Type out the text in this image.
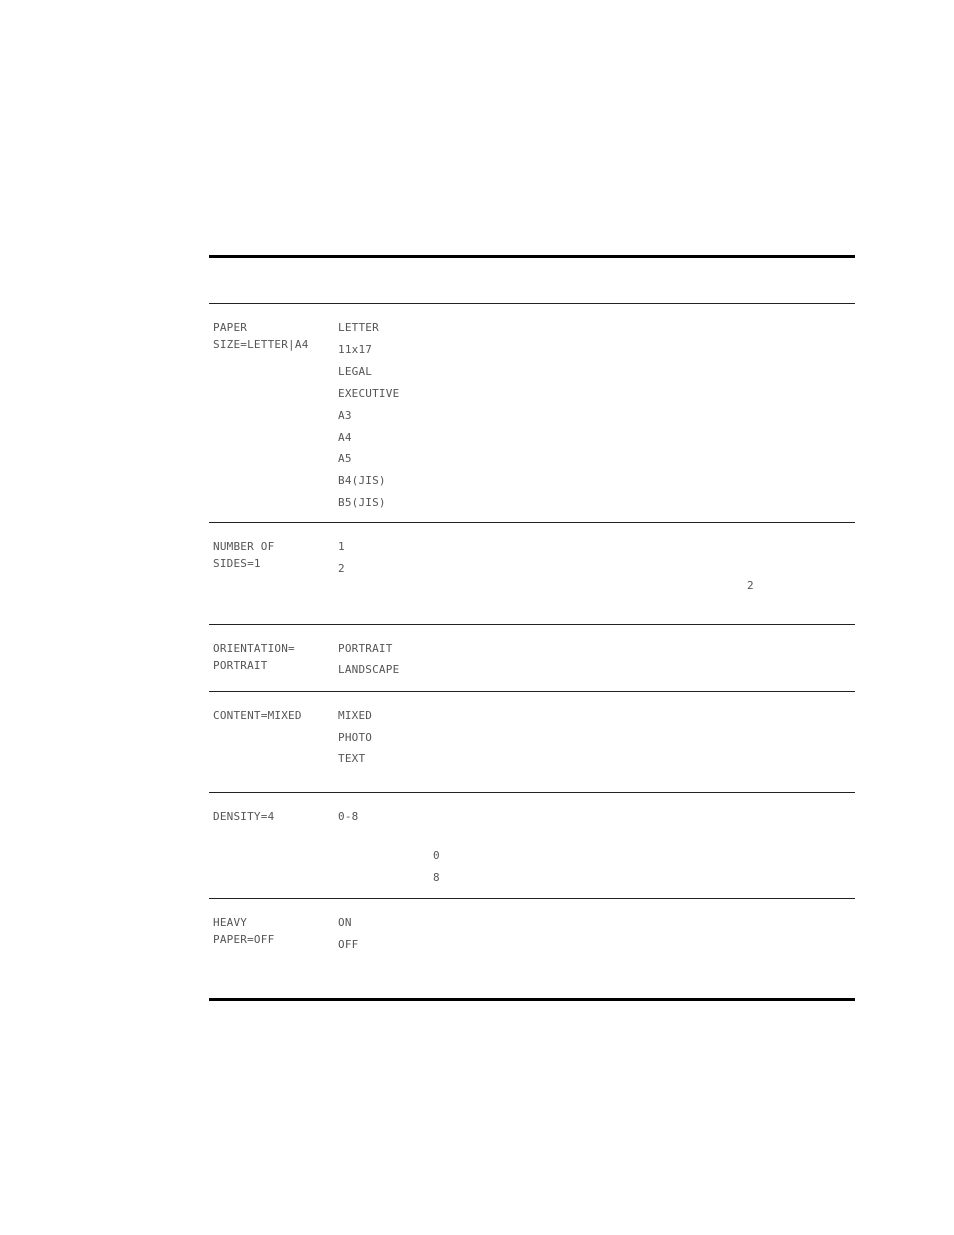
PAPER
SIZE=LETTER|A4
LETTER
11x17
LEGAL
EXECUTIVE
A3
A4
A5
B4(JIS)
B5(JIS)
NUMBER OF
SIDES=1
1
2
2
ORIENTATION=
PORTRAIT
PORTRAIT
LANDSCAPE
CONTENT=MIXED	MIXED
PHOTO
TEXT
DENSITY=4	0-8
0
8
HEAVY
PAPER=OFF
ON
OFF
